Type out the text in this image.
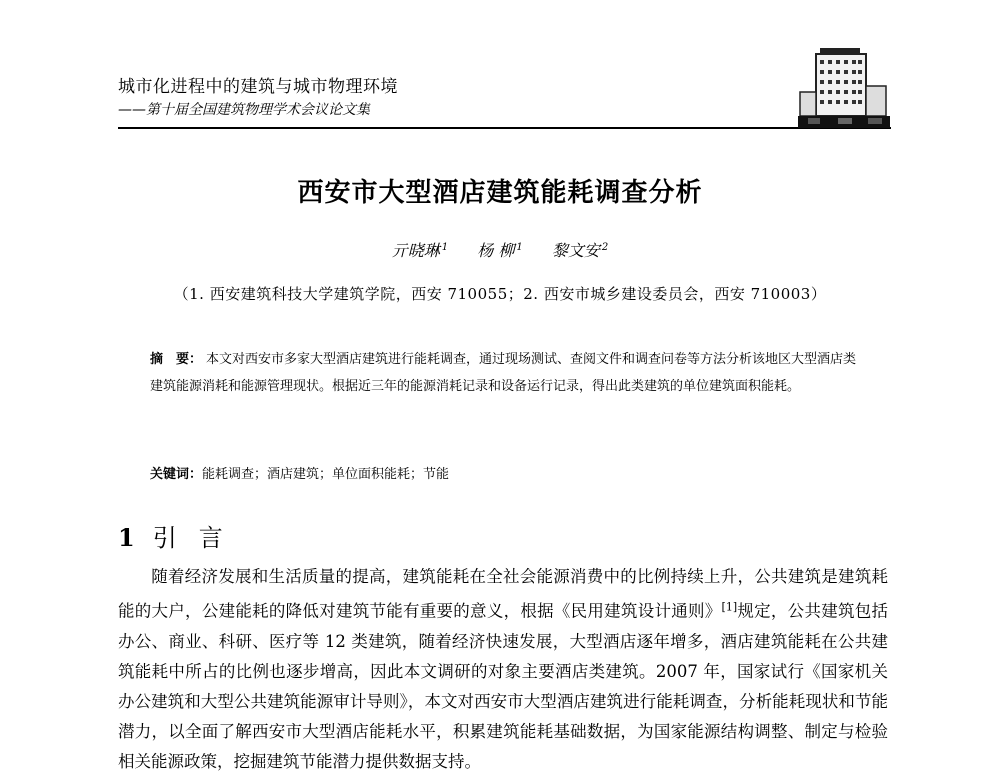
城市化进程中的建筑与城市物理环境
——第十届全国建筑物理学术会议论文集
西安市大型酒店建筑能耗调查分析
亓晓琳 $^1$ 杨 柳 $^1$ 黎文安 $^2$
（1. 西安建筑科技大学建筑学院，西安 710055；2. 西安市城乡建设委员会，西安 710003）
摘　要： 本文对西安市多家大型酒店建筑进行能耗调查，通过现场测试、查阅文件和调查问卷等方法分析该地区大型酒店类建筑能源消耗和能源管理现状。根据近三年的能源消耗记录和设备运行记录，得出此类建筑的单位建筑面积能耗。
关键词：能耗调查；酒店建筑；单位面积能耗；节能
1 引言
随着经济发展和生活质量的提高，建筑能耗在全社会能源消费中的比例持续上升，公共建筑是建筑耗能的大户，公建能耗的降低对建筑节能有重要的意义，根据《民用建筑设计通则》[1]规定，公共建筑包括办公、商业、科研、医疗等 12 类建筑，随着经济快速发展，大型酒店逐年增多，酒店建筑能耗在公共建筑能耗中所占的比例也逐步增高，因此本文调研的对象主要酒店类建筑。2007 年，国家试行《国家机关办公建筑和大型公共建筑能源审计导则》，本文对西安市大型酒店建筑进行能耗调查，分析能耗现状和节能潜力，以全面了解西安市大型酒店能耗水平，积累建筑能耗基础数据，为国家能源结构调整、制定与检验相关能源政策，挖掘建筑节能潜力提供数据支持。
